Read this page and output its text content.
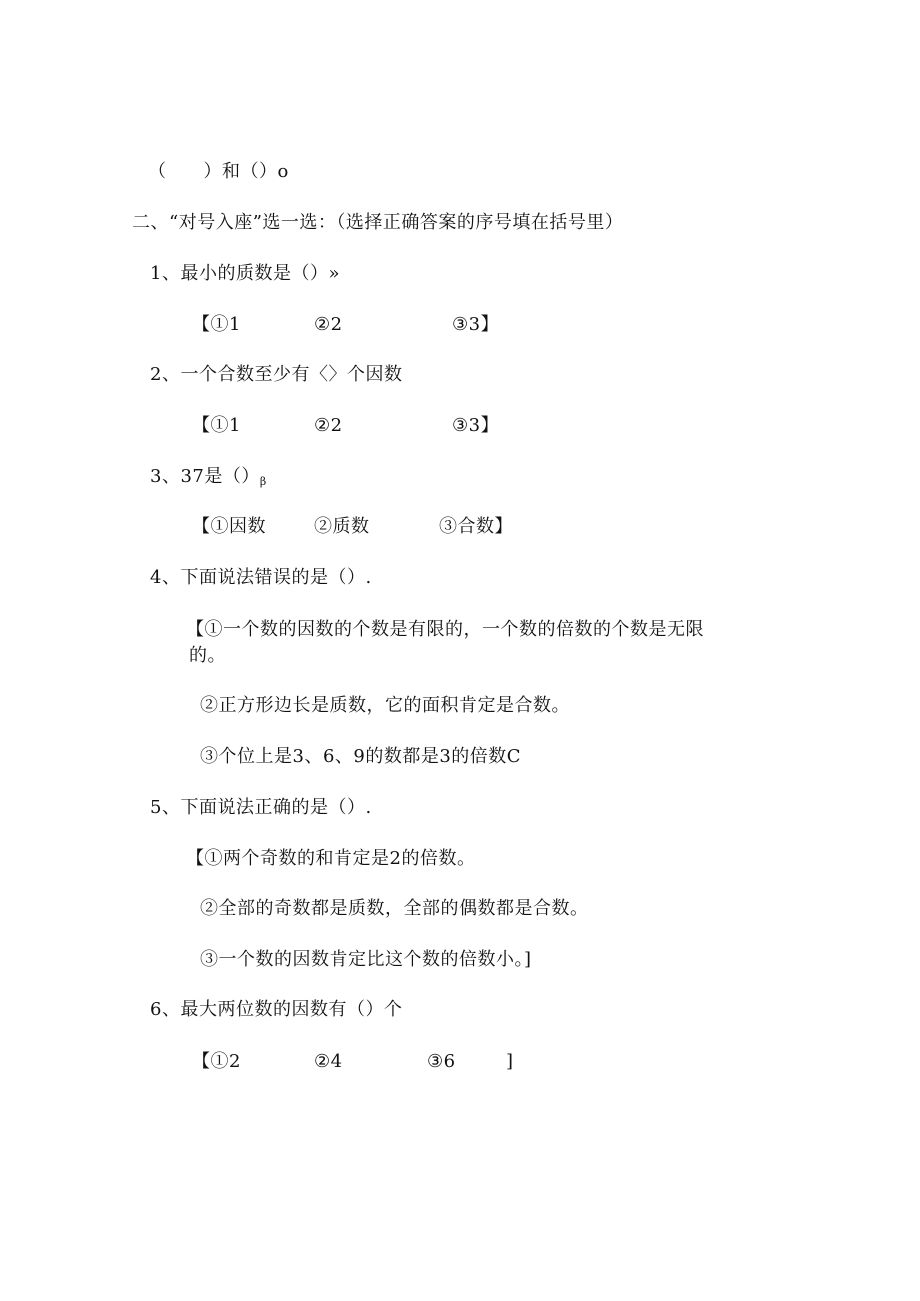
（　　）和（）o
二、“对号入座”选一选：（选择正确答案的序号填在括号里）
1、最小的质数是（）»
【①1	②2	③3】
2、一个合数至少有〈〉个因数
【①1	②2	③3】
3、37是（）β
【①因数	②质数	③合数】
4、下面说法错误的是（）.
【①一个数的因数的个数是有限的，一个数的倍数的个数是无限
的。
②正方形边长是质数，它的面积肯定是合数。
③个位上是3、6、9的数都是3的倍数C
5、下面说法正确的是（）.
【①两个奇数的和肯定是2的倍数。
②全部的奇数都是质数，全部的偶数都是合数。
③一个数的因数肯定比这个数的倍数小。]
6、最大两位数的因数有（）个
【①2	②4	③6	]
